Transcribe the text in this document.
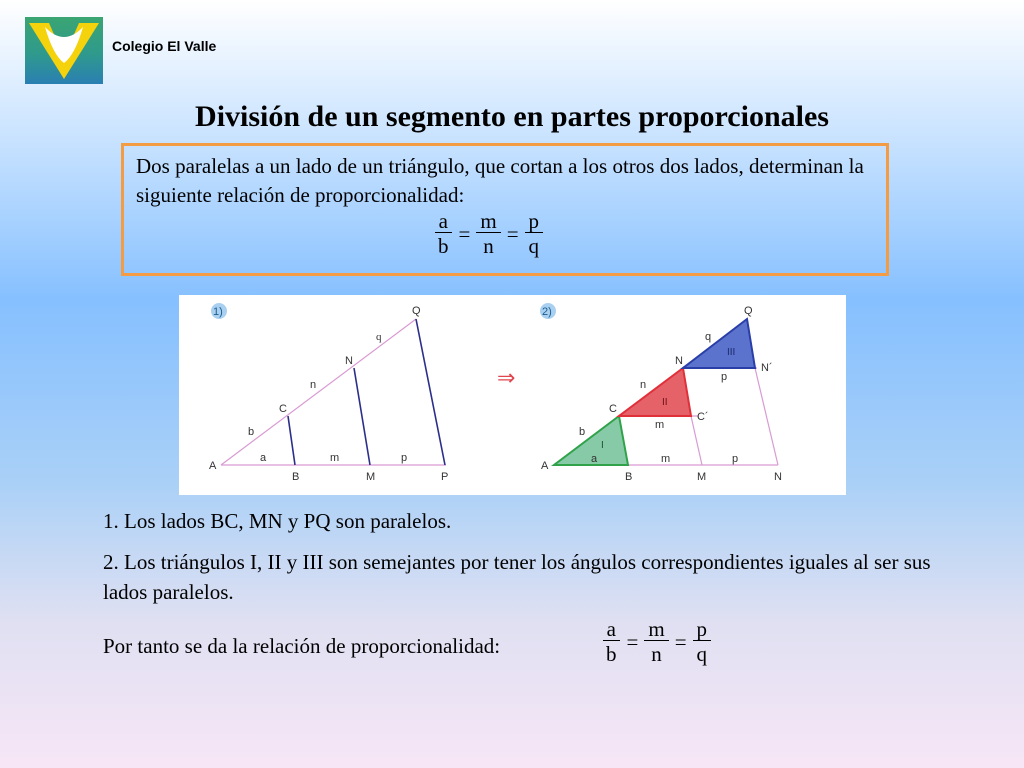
Colegio El Valle
División de un segmento en partes proporcionales

Dos paralelas a un lado de un triángulo, que cortan a los otros dos lados, determinan la siguiente relación de proporcionalidad:

$\frac{a}{b} = \frac{m}{n} = \frac{p}{q}$
1)	2)
A
B	M	P
C
N
Q
a	m	p
b
n
q
⇒
I
II
III
A
B	M	N
C
N
Q
C´
N´
a	m	p
b
n
q
m
p
1. Los lados BC, MN y PQ son paralelos.
2. Los triángulos I, II y III son semejantes por tener los ángulos correspondientes iguales al ser sus lados paralelos.
Por tanto se da la relación de proporcionalidad:	$\frac{a}{b} = \frac{m}{n} = \frac{p}{q}$
